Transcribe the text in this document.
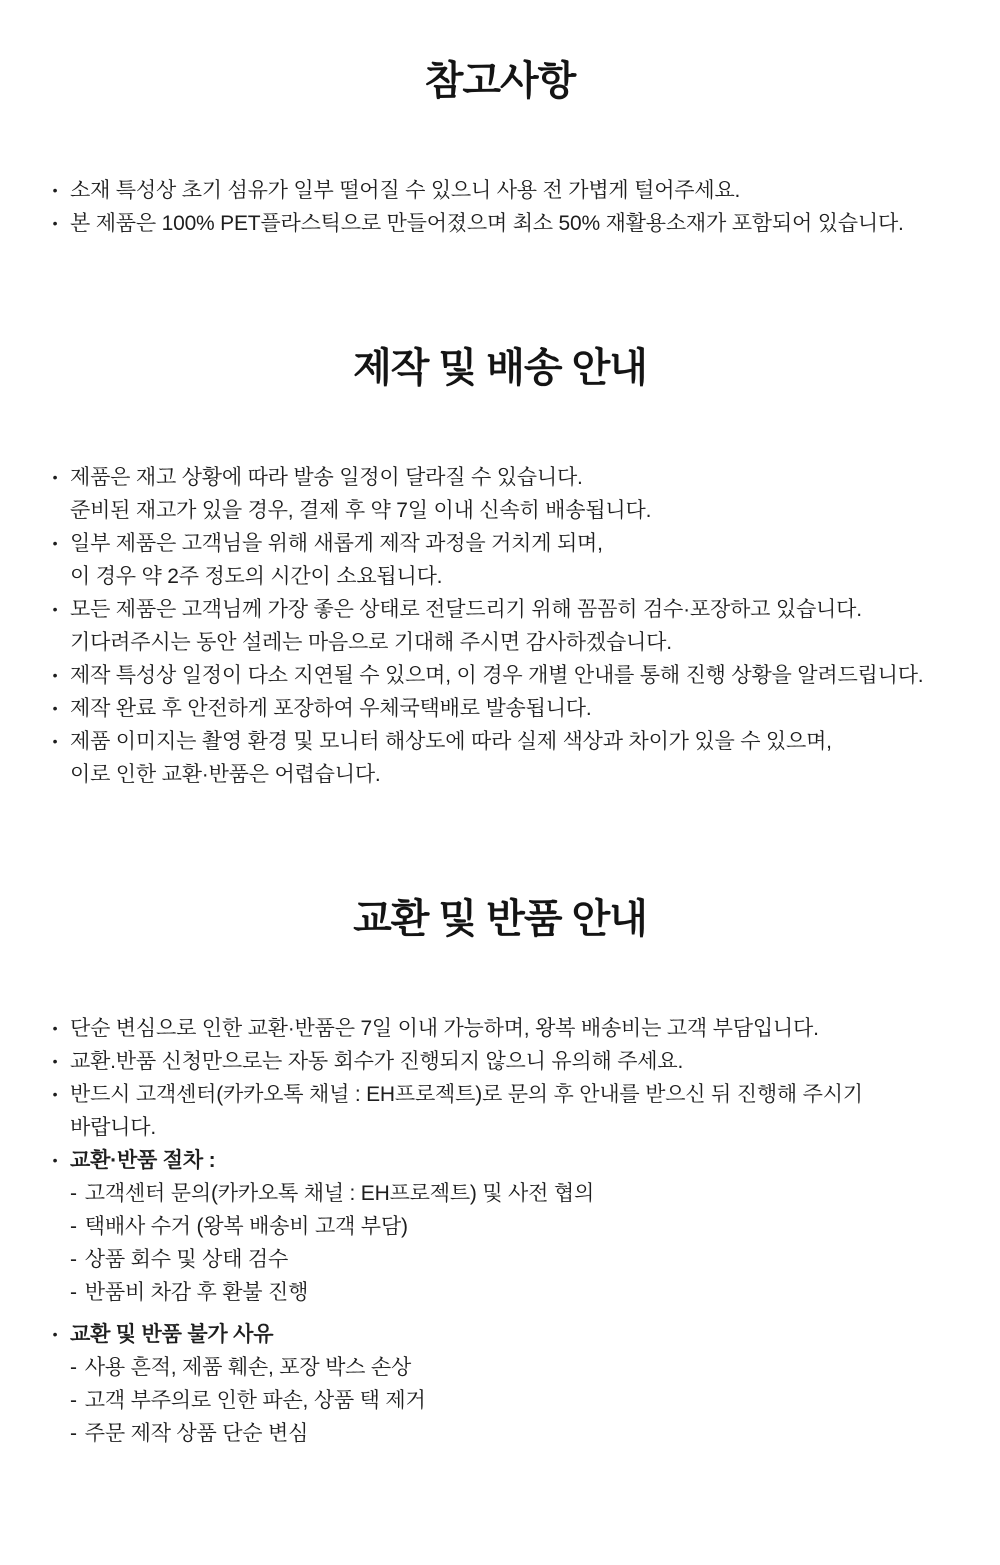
참고사항
• 소재 특성상 초기 섬유가 일부 떨어질 수 있으니 사용 전 가볍게 털어주세요.
• 본 제품은 100% PET플라스틱으로 만들어졌으며 최소 50% 재활용소재가 포함되어 있습니다.
제작 및 배송 안내
• 제품은 재고 상황에 따라 발송 일정이 달라질 수 있습니다.
준비된 재고가 있을 경우, 결제 후 약 7일 이내 신속히 배송됩니다.
• 일부 제품은 고객님을 위해 새롭게 제작 과정을 거치게 되며,
이 경우 약 2주 정도의 시간이 소요됩니다.
• 모든 제품은 고객님께 가장 좋은 상태로 전달드리기 위해 꼼꼼히 검수·포장하고 있습니다.
기다려주시는 동안 설레는 마음으로 기대해 주시면 감사하겠습니다.
• 제작 특성상 일정이 다소 지연될 수 있으며, 이 경우 개별 안내를 통해 진행 상황을 알려드립니다.
• 제작 완료 후 안전하게 포장하여 우체국택배로 발송됩니다.
• 제품 이미지는 촬영 환경 및 모니터 해상도에 따라 실제 색상과 차이가 있을 수 있으며,
이로 인한 교환·반품은 어렵습니다.
교환 및 반품 안내
• 단순 변심으로 인한 교환·반품은 7일 이내 가능하며, 왕복 배송비는 고객 부담입니다.
• 교환.반품 신청만으로는 자동 회수가 진행되지 않으니 유의해 주세요.
• 반드시 고객센터(카카오톡 채널 : EH프로젝트)로 문의 후 안내를 받으신 뒤 진행해 주시기
바랍니다.
• 교환·반품 절차 :
- 고객센터 문의(카카오톡 채널 : EH프로젝트) 및 사전 협의
- 택배사 수거 (왕복 배송비 고객 부담)
- 상품 회수 및 상태 검수
- 반품비 차감 후 환불 진행
• 교환 및 반품 불가 사유
- 사용 흔적, 제품 훼손, 포장 박스 손상
- 고객 부주의로 인한 파손, 상품 택 제거
- 주문 제작 상품 단순 변심
